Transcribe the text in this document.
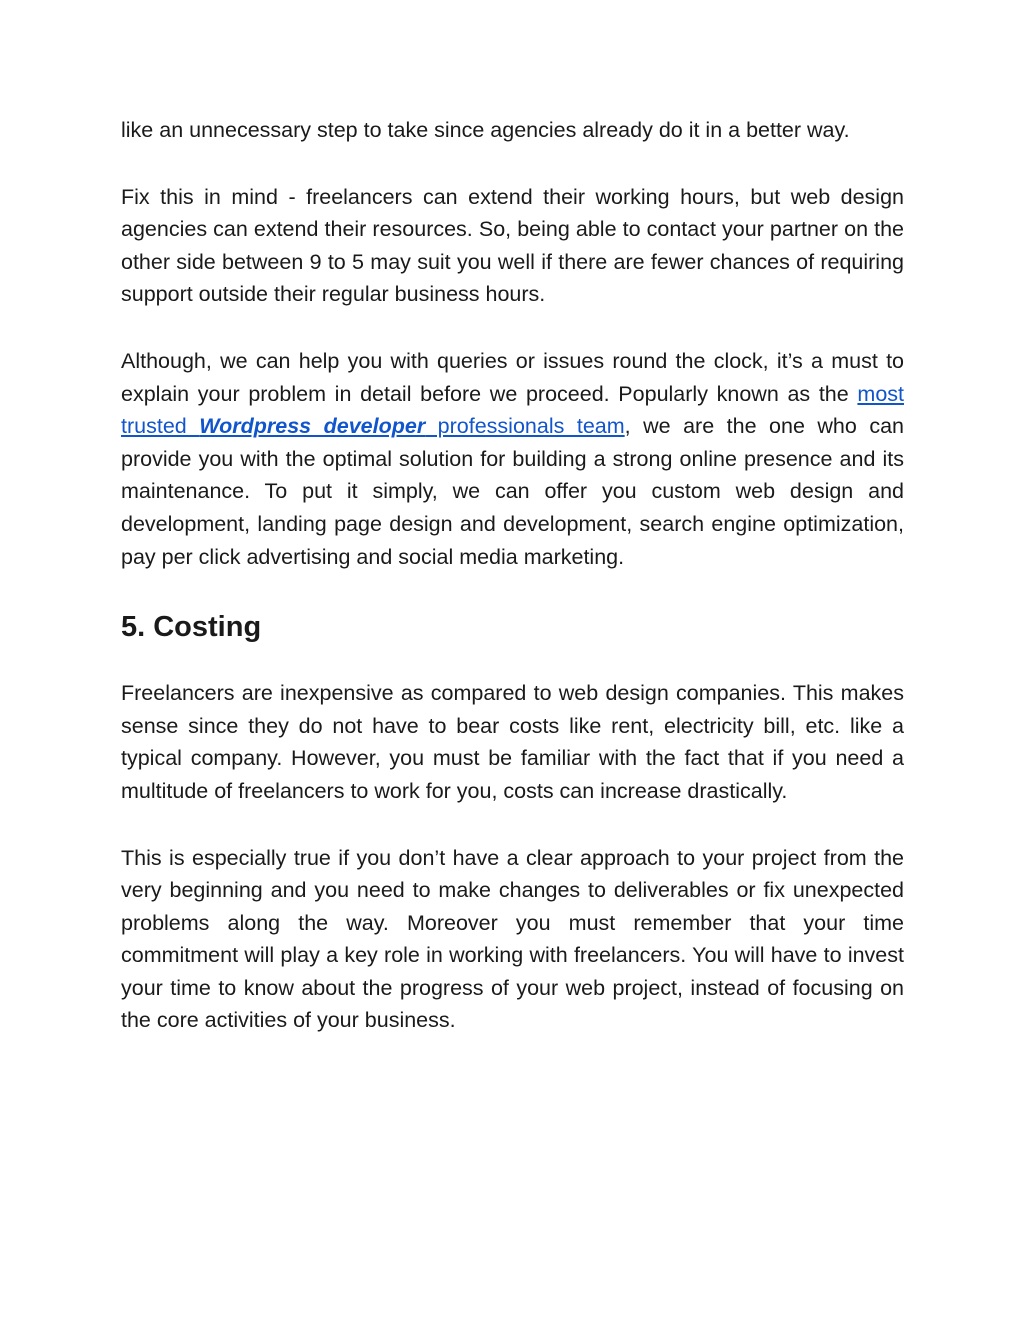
like an unnecessary step to take since agencies already do it in a better way.

Fix this in mind - freelancers can extend their working hours, but web design agencies can extend their resources. So, being able to contact your partner on the other side between 9 to 5 may suit you well if there are fewer chances of requiring support outside their regular business hours.

Although, we can help you with queries or issues round the clock, it’s a must to explain your problem in detail before we proceed. Popularly known as the most trusted Wordpress developer professionals team, we are the one who can provide you with the optimal solution for building a strong online presence and its maintenance. To put it simply, we can offer you custom web design and development, landing page design and development, search engine optimization, pay per click advertising and social media marketing.

5. Costing

Freelancers are inexpensive as compared to web design companies. This makes sense since they do not have to bear costs like rent, electricity bill, etc. like a typical company. However, you must be familiar with the fact that if you need a multitude of freelancers to work for you, costs can increase drastically.

This is especially true if you don’t have a clear approach to your project from the very beginning and you need to make changes to deliverables or fix unexpected problems along the way. Moreover you must remember that your time commitment will play a key role in working with freelancers. You will have to invest your time to know about the progress of your web project, instead of focusing on the core activities of your business.
